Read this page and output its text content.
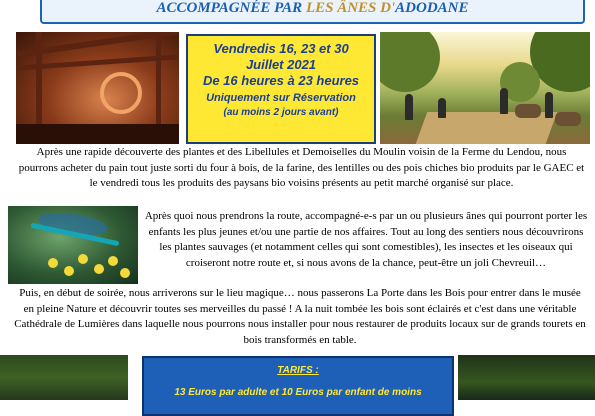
ACCOMPAGNÉE PAR LES ÂNES D'ADODANE
Vendredis 16, 23 et 30
Juillet 2021
De 16 heures à 23 heures
Uniquement sur Réservation
(au moins 2 jours avant)
Après une rapide découverte des plantes et des Libellules et Demoiselles du Moulin voisin de la Ferme du Lendou, nous pourrons acheter du pain tout juste sorti du four à bois, de la farine, des lentilles ou des pois chiches bio produits par le GAEC et le vendredi tous les produits des paysans bio voisins présents au petit marché organisé sur place.
Après quoi nous prendrons la route, accompagné-e-s par un ou plusieurs ânes qui pourront porter les enfants les plus jeunes et/ou une partie de nos affaires. Tout au long des sentiers nous découvrirons les plantes sauvages (et notamment celles qui sont comestibles), les insectes et les oiseaux qui croiseront notre route et, si nous avons de la chance, peut-être un joli Chevreuil…
Puis, en début de soirée, nous arriverons sur le lieu magique… nous passerons La Porte dans les Bois pour entrer dans le musée en pleine Nature et découvrir toutes ses merveilles du passé ! A la nuit tombée les bois sont éclairés et c'est dans une véritable Cathédrale de Lumières dans laquelle nous pourrons nous installer pour nous restaurer de produits locaux sur de grands tourets en bois transformés en table.
TARIFS :
13 Euros par adulte et 10 Euros par enfant de moins
